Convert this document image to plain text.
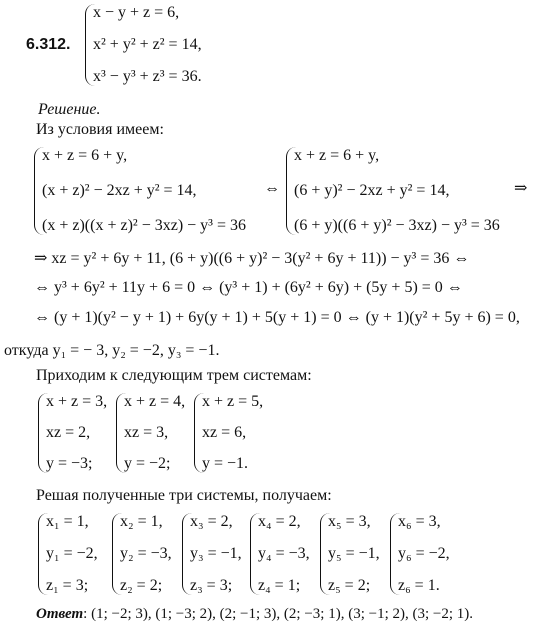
6.312.
x − y + z = 6,
x² + y² + z² = 14,
x³ − y³ + z³ = 36.
Решение.
Из условия имеем:
x + z = 6 + y,
(x + z)² − 2xz + y² = 14,
(x + z)((x + z)² − 3xz) − y³ = 36
⇔
x + z = 6 + y,
(6 + y)² − 2xz + y² = 14,
(6 + y)((6 + y)² − 3xz) − y³ = 36
⇒
⇒ xz = y² + 6y + 11, (6 + y)((6 + y)² − 3(y² + 6y + 11)) − y³ = 36 ⇔
⇔ y³ + 6y² + 11y + 6 = 0 ⇔ (y³ + 1) + (6y² + 6y) + (5y + 5) = 0 ⇔
⇔ (y + 1)(y² − y + 1) + 6y(y + 1) + 5(y + 1) = 0 ⇔ (y + 1)(y² + 5y + 6) = 0,
откуда y₁ = − 3, y₂ = −2, y₃ = −1.
Приходим к следующим трем системам:
x + z = 3,
xz = 2,
y = −3;
x + z = 4,
xz = 3,
y = −2;
x + z = 5,
xz = 6,
y = −1.
Решая полученные три системы, получаем:
x₁ = 1,
y₁ = −2,
z₁ = 3;
x₂ = 1,
y₂ = −3,
z₂ = 2;
x₃ = 2,
y₃ = −1,
z₃ = 3;
x₄ = 2,
y₄ = −3,
z₄ = 1;
x₅ = 3,
y₅ = −1,
z₅ = 2;
x₆ = 3,
y₆ = −2,
z₆ = 1.
Ответ: (1; −2; 3), (1; −3; 2), (2; −1; 3), (2; −3; 1), (3; −1; 2), (3; −2; 1).
